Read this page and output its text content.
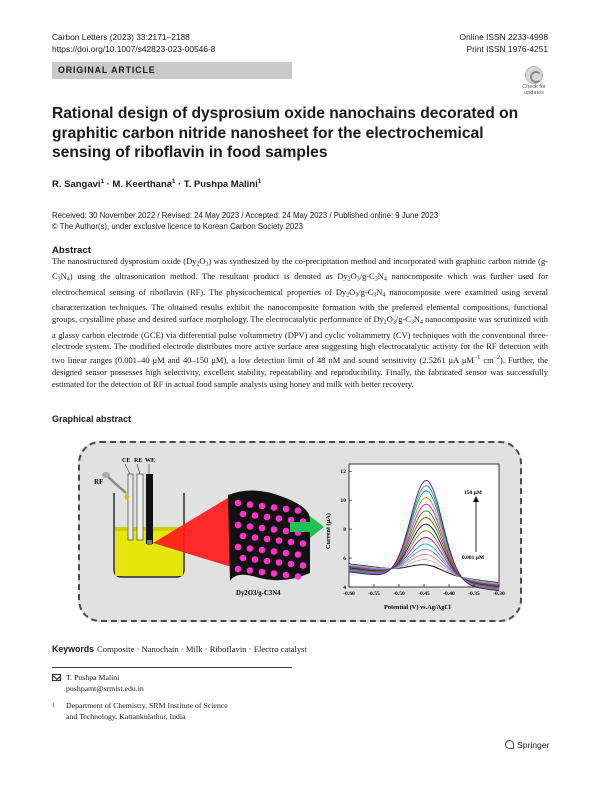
Carbon Letters (2023) 33:2171–2188
https://doi.org/10.1007/s42823-023-00546-8
Online ISSN 2233-4998
Print ISSN 1976-4251
ORIGINAL ARTICLE
Check for
updates
Rational design of dysprosium oxide nanochains decorated on graphitic carbon nitride nanosheet for the electrochemical sensing of riboflavin in food samples
R. Sangavi$^1$ · M. Keerthana$^1$ · T. Pushpa Malini$^1$
Received: 30 November 2022 / Revised: 24 May 2023 / Accepted: 24 May 2023 / Published online: 9 June 2023
© The Author(s), under exclusive licence to Korean Carbon Society 2023
Abstract
The nanostructured dysprosium oxide $(Dy_2O_3)$ was synthesized by the co-precipitation method and incorporated with graphitic carbon nitride $(g-C_3N_4)$ using the ultrasonication method. The resultant product is denoted as $Dy_2O_3/g-C_3N_4$ nanocomposite which was further used for electrochemical sensing of riboflavin (RF). The physicochemical properties of $Dy_2O_3/g-C_3N_4$ nanocomposite were examined using several characterization techniques. The obtained results exhibit the nanocomposite formation with the preferred elemental compositions, functional groups, crystalline phase and desired surface morphology. The electrocatalytic performance of $Dy_2O_3/g-C_3N_4$ nanocomposite was scrutinized with a glassy carbon electrode (GCE) via differential pulse voltammetry (DPV) and cyclic voltammetry (CV) techniques with the conventional three-electrode system. The modified electrode distributes more active surface area suggesting high electrocatalytic activity for the RF detection with two linear ranges (0.001–40 μM and 40–150 μM), a low detection limit of 48 nM and sound sensitivity (2.5261 μA $\mu M^{-1}$ $cm^{-2}$). Further, the designed sensor possesses high selectivity, excellent stability, repeatability and reproducibility. Finally, the fabricated sensor was successfully estimated for the detection of RF in actual food sample analysis using honey and milk with better recovery.
Graphical abstract
CE RE WE
RF
Dy2O3/g-C3N4
4
6
8
10
12
-0.60 -0.55 -0.50 -0.45 -0.40 -0.35 -0.30
Current (μA)
Potential (V) vs.Ag/AgCl
150 μM
0.001 μM
Keywords Composite · Nanochain · Milk · Riboflavin · Electro catalyst
T. Pushpa Malini
pushpamt@srmist.edu.in
1 Department of Chemistry, SRM Institute of Science
and Technology, Kattankulathur, India
Springer
